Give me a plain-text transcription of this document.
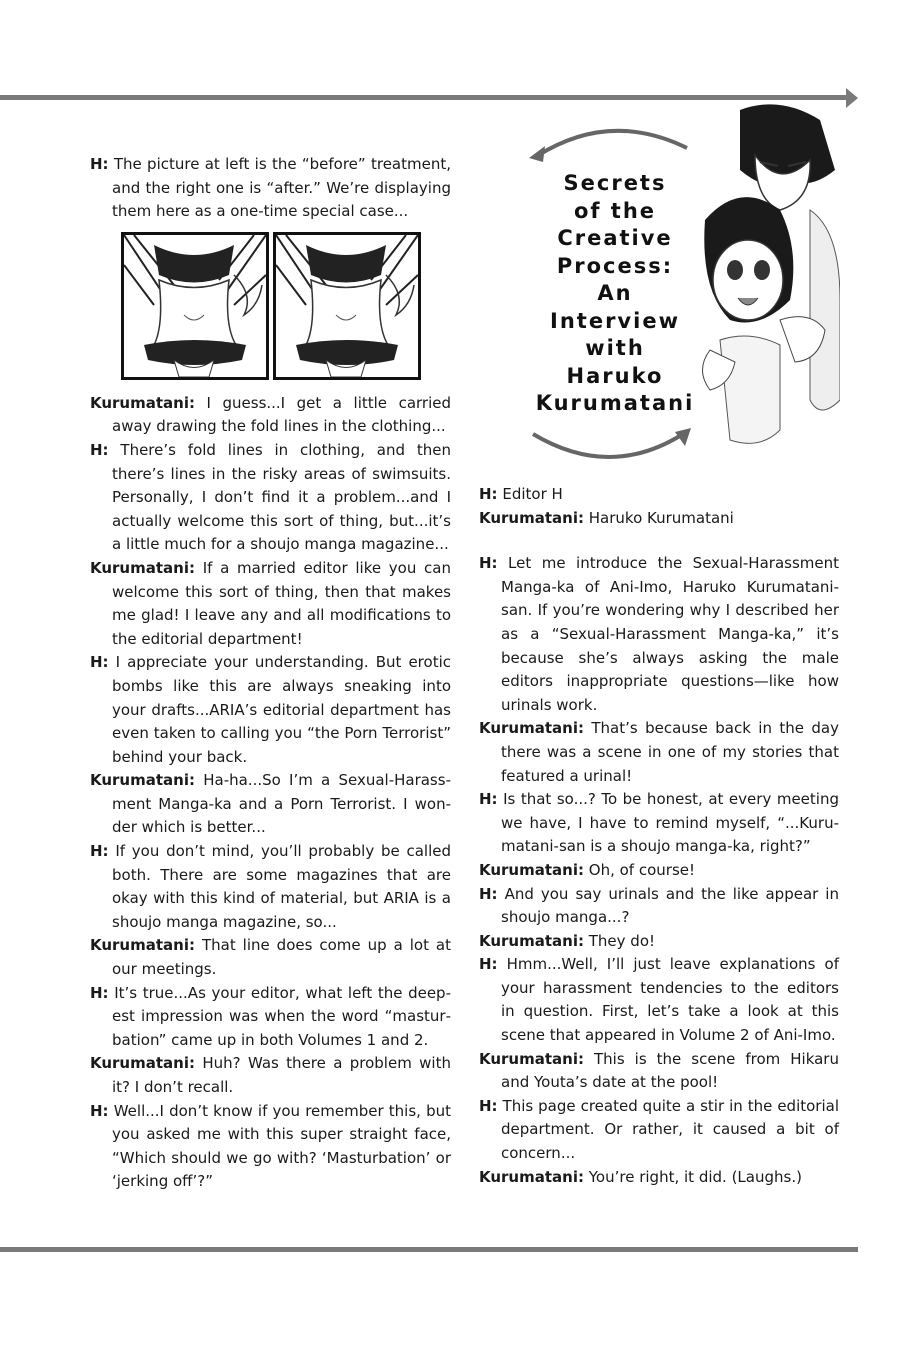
Secrets
of the
Creative
Process:
An
Interview
with
Haruko
Kurumatani

H: The picture at left is the “before” treatment, and the right one is “after.” We’re displaying them here as a one-time special case...

Kurumatani: I guess...I get a little carried away drawing the fold lines in the clothing...

H: There’s fold lines in clothing, and then there’s lines in the risky areas of swimsuits. Personally, I don’t find it a problem...and I actually welcome this sort of thing, but...it’s a little much for a shoujo manga magazine...

Kurumatani: If a married editor like you can welcome this sort of thing, then that makes me glad! I leave any and all modifications to the editorial department!

H: I appreciate your understanding. But erotic bombs like this are always sneaking into your drafts...ARIA’s editorial department has even taken to calling you “the Porn Terrorist” behind your back.

Kurumatani: Ha-ha...So I’m a Sexual-Harassment Manga-ka and a Porn Terrorist. I wonder which is better...

H: If you don’t mind, you’ll probably be called both. There are some magazines that are okay with this kind of material, but ARIA is a shoujo manga magazine, so...

Kurumatani: That line does come up a lot at our meetings.

H: It’s true...As your editor, what left the deepest impression was when the word “masturbation” came up in both Volumes 1 and 2.

Kurumatani: Huh? Was there a problem with it? I don’t recall.

H: Well...I don’t know if you remember this, but you asked me with this super straight face, “Which should we go with? ‘Masturbation’ or ‘jerking off’?”

H: Editor H

Kurumatani: Haruko Kurumatani

H: Let me introduce the Sexual-Harassment Manga-ka of Ani-Imo, Haruko Kurumatani-san. If you’re wondering why I described her as a “Sexual-Harassment Manga-ka,” it’s because she’s always asking the male editors inappropriate questions—like how urinals work.

Kurumatani: That’s because back in the day there was a scene in one of my stories that featured a urinal!

H: Is that so...? To be honest, at every meeting we have, I have to remind myself, “...Kurumatani-san is a shoujo manga-ka, right?”

Kurumatani: Oh, of course!

H: And you say urinals and the like appear in shoujo manga...?

Kurumatani: They do!

H: Hmm...Well, I’ll just leave explanations of your harassment tendencies to the editors in question. First, let’s take a look at this scene that appeared in Volume 2 of Ani-Imo.

Kurumatani: This is the scene from Hikaru and Youta’s date at the pool!

H: This page created quite a stir in the editorial department. Or rather, it caused a bit of concern...

Kurumatani: You’re right, it did. (Laughs.)
